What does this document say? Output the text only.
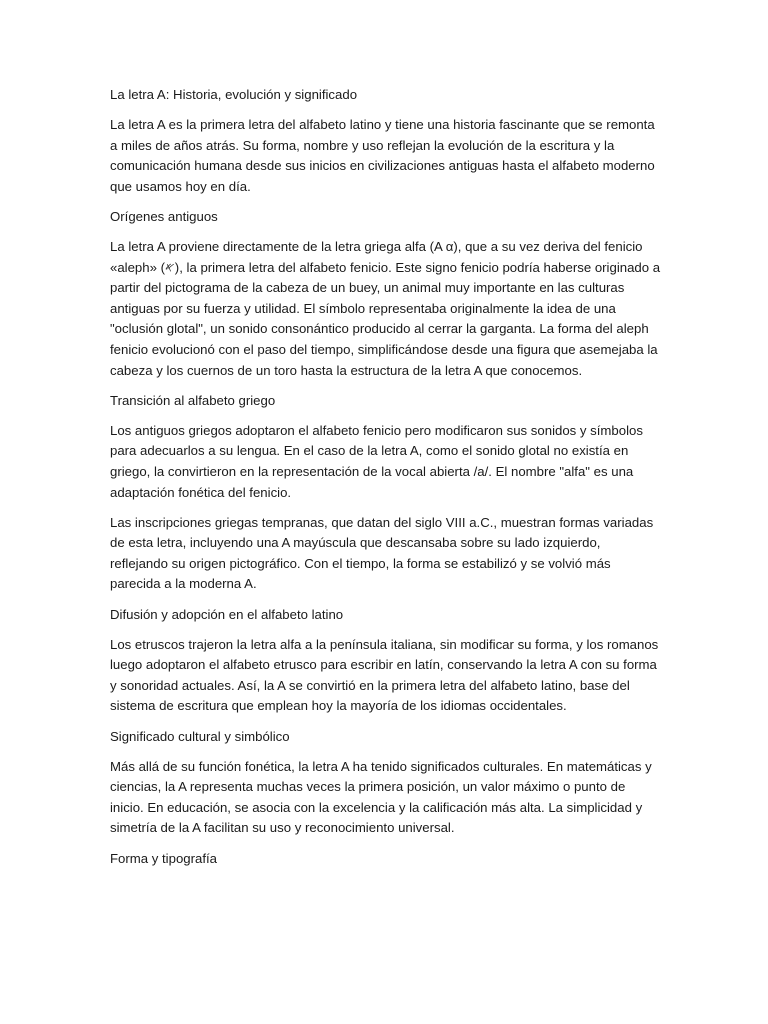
La letra A: Historia, evolución y significado

La letra A es la primera letra del alfabeto latino y tiene una historia fascinante que se remonta a miles de años atrás. Su forma, nombre y uso reflejan la evolución de la escritura y la comunicación humana desde sus inicios en civilizaciones antiguas hasta el alfabeto moderno que usamos hoy en día.

Orígenes antiguos

La letra A proviene directamente de la letra griega alfa (Α α), que a su vez deriva del fenicio «aleph» (𐤀), la primera letra del alfabeto fenicio. Este signo fenicio podría haberse originado a partir del pictograma de la cabeza de un buey, un animal muy importante en las culturas antiguas por su fuerza y utilidad. El símbolo representaba originalmente la idea de una "oclusión glotal", un sonido consonántico producido al cerrar la garganta. La forma del aleph fenicio evolucionó con el paso del tiempo, simplificándose desde una figura que asemejaba la cabeza y los cuernos de un toro hasta la estructura de la letra A que conocemos.

Transición al alfabeto griego

Los antiguos griegos adoptaron el alfabeto fenicio pero modificaron sus sonidos y símbolos para adecuarlos a su lengua. En el caso de la letra A, como el sonido glotal no existía en griego, la convirtieron en la representación de la vocal abierta /a/. El nombre "alfa" es una adaptación fonética del fenicio.

Las inscripciones griegas tempranas, que datan del siglo VIII a.C., muestran formas variadas de esta letra, incluyendo una A mayúscula que descansaba sobre su lado izquierdo, reflejando su origen pictográfico. Con el tiempo, la forma se estabilizó y se volvió más parecida a la moderna A.

Difusión y adopción en el alfabeto latino

Los etruscos trajeron la letra alfa a la península italiana, sin modificar su forma, y los romanos luego adoptaron el alfabeto etrusco para escribir en latín, conservando la letra A con su forma y sonoridad actuales. Así, la A se convirtió en la primera letra del alfabeto latino, base del sistema de escritura que emplean hoy la mayoría de los idiomas occidentales.

Significado cultural y simbólico

Más allá de su función fonética, la letra A ha tenido significados culturales. En matemáticas y ciencias, la A representa muchas veces la primera posición, un valor máximo o punto de inicio. En educación, se asocia con la excelencia y la calificación más alta. La simplicidad y simetría de la A facilitan su uso y reconocimiento universal.

Forma y tipografía
